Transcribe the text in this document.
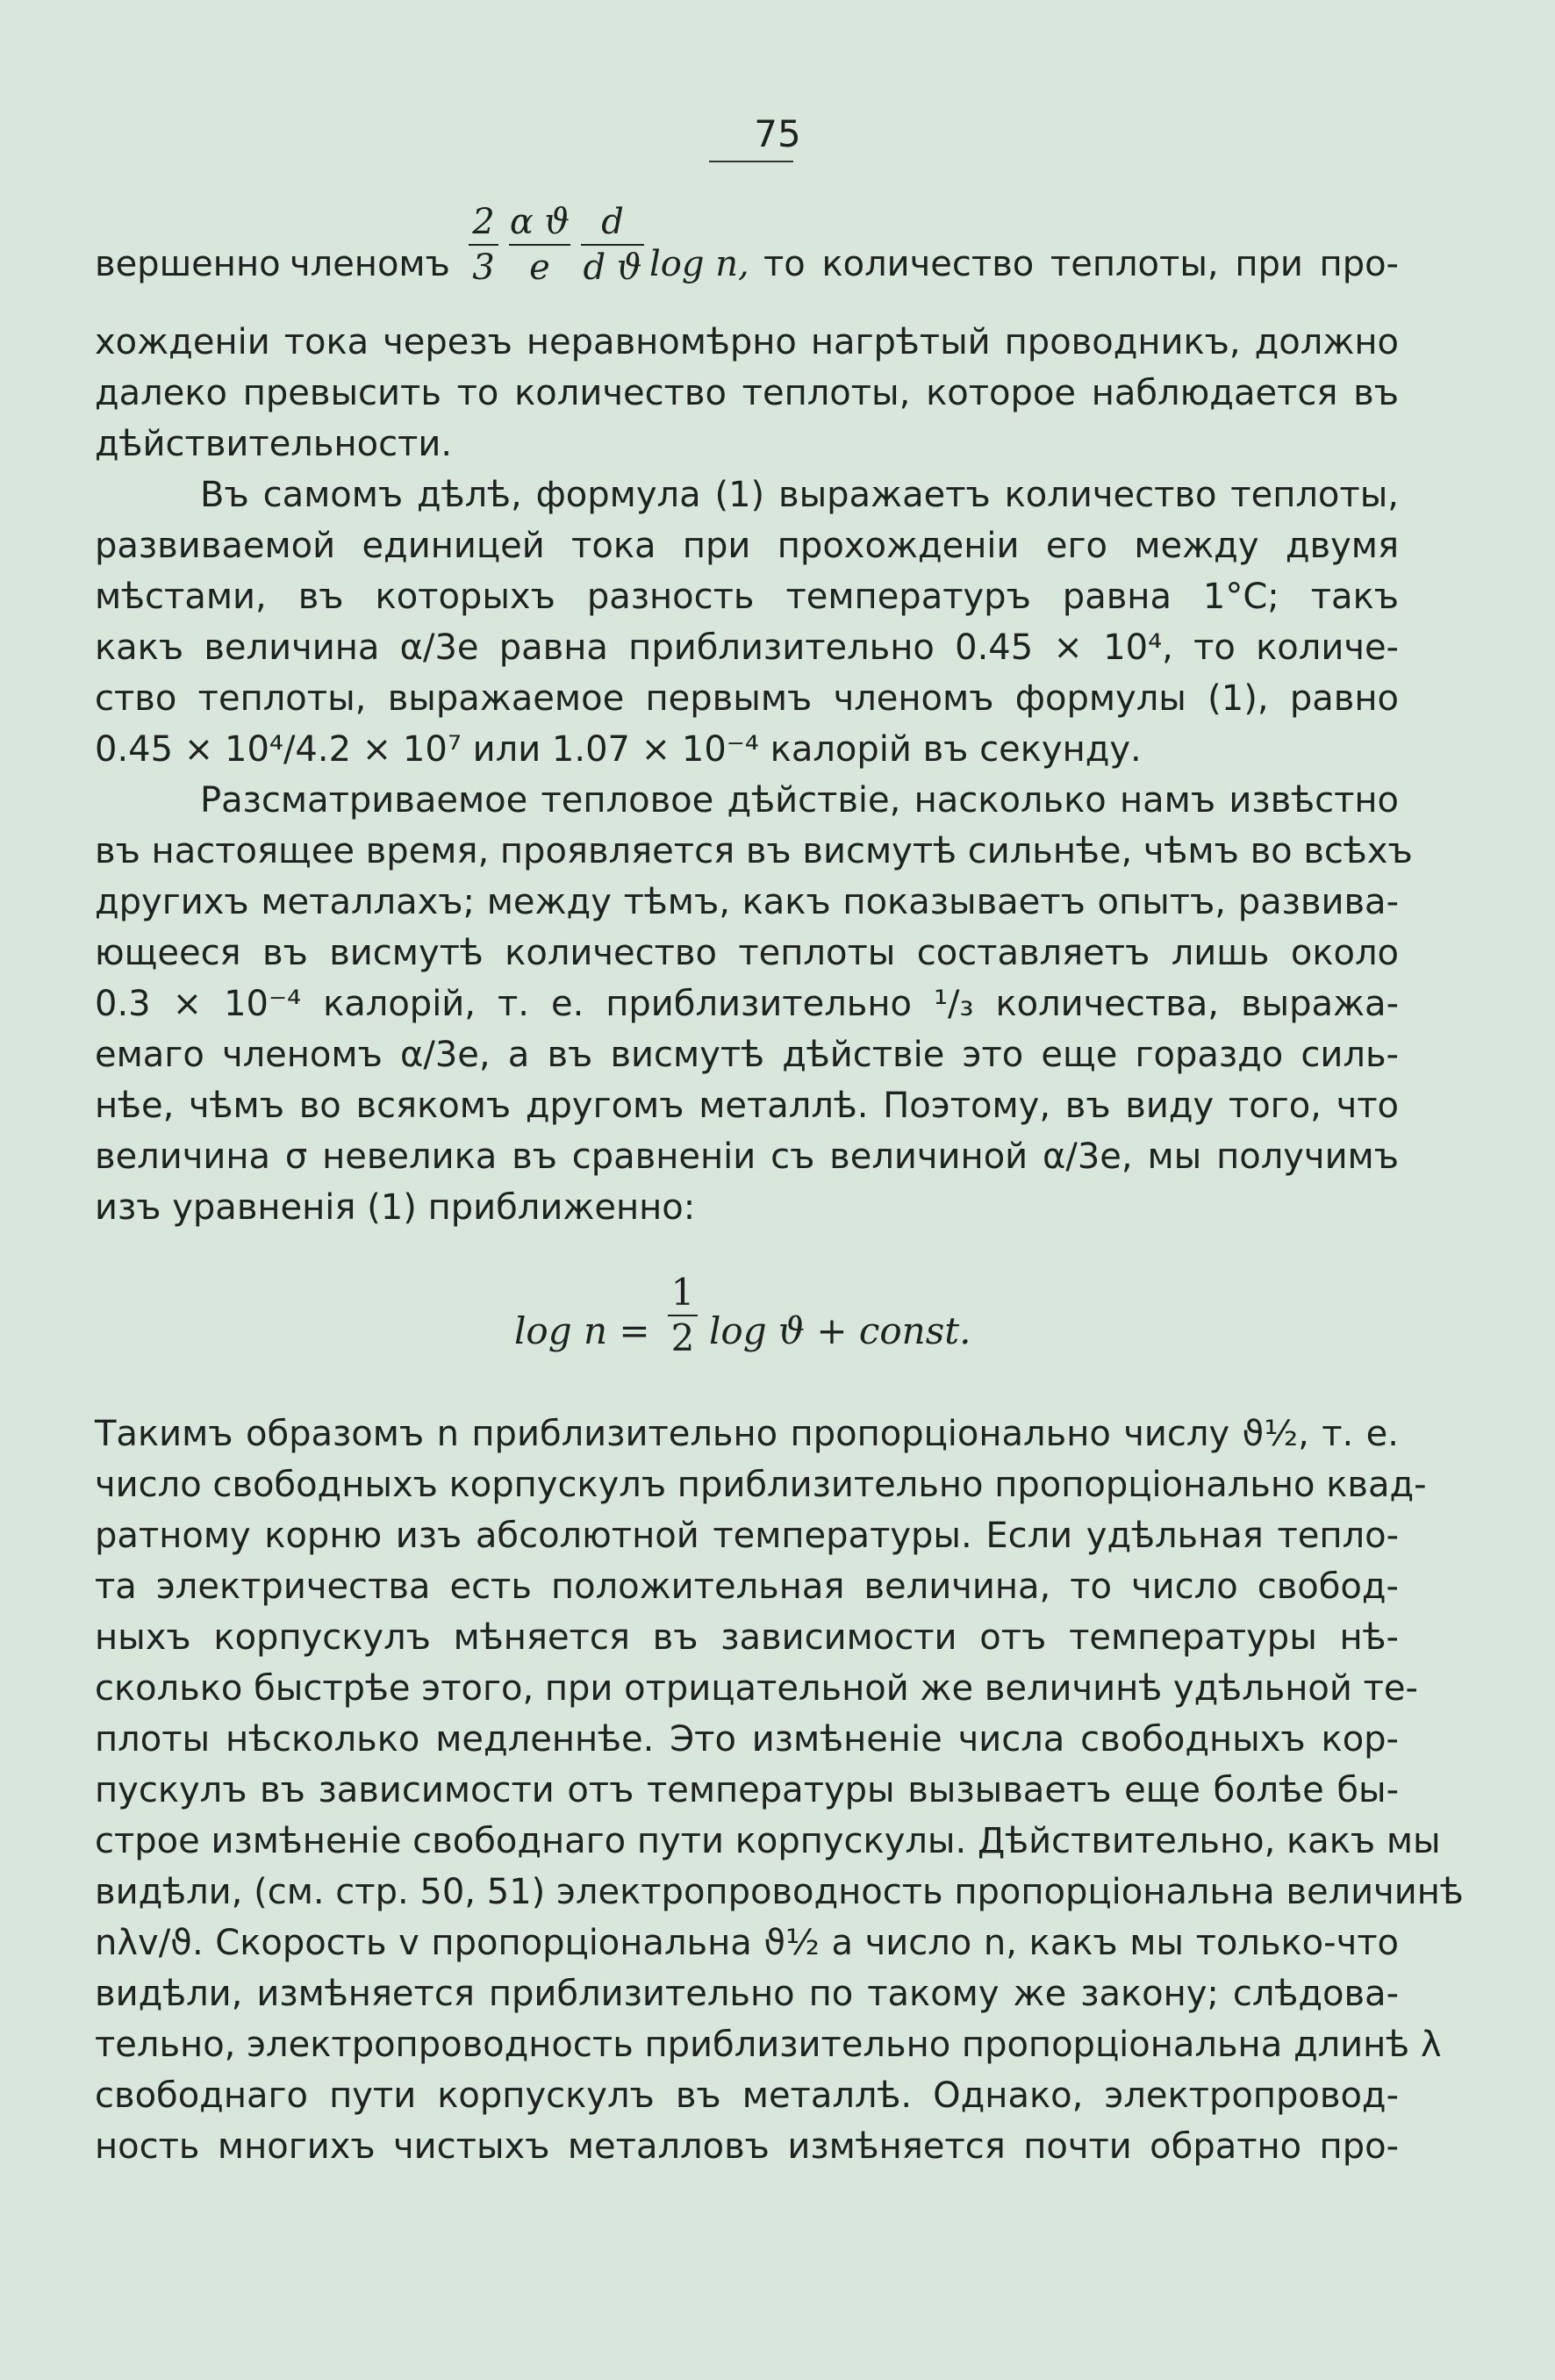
75
вершенно членомъ
2
3
α ϑ
e
d
d ϑ log n, то количество теплоты, при про-
хожденіи тока черезъ неравномѣрно нагрѣтый проводникъ, должно
далеко превысить то количество теплоты, которое наблюдается въ
дѣйствительности.
Въ самомъ дѣлѣ, формула (1) выражаетъ количество теплоты,
развиваемой единицей тока при прохожденіи его между двумя
мѣстами, въ которыхъ разность температуръ равна 1°C; такъ
какъ величина α/3e равна приблизительно 0.45 × 10⁴, то количе-
ство теплоты, выражаемое первымъ членомъ формулы (1), равно
0.45 × 10⁴/4.2 × 10⁷ или 1.07 × 10⁻⁴ калорій въ секунду.
Разсматриваемое тепловое дѣйствіе, насколько намъ извѣстно
въ настоящее время, проявляется въ висмутѣ сильнѣе, чѣмъ во всѣхъ
другихъ металлахъ; между тѣмъ, какъ показываетъ опытъ, развива-
ющееся въ висмутѣ количество теплоты составляетъ лишь около
0.3 × 10⁻⁴ калорій, т. е. приблизительно ¹/₃ количества, выража-
емаго членомъ α/3e, а въ висмутѣ дѣйствіе это еще гораздо силь-
нѣе, чѣмъ во всякомъ другомъ металлѣ. Поэтому, въ виду того, что
величина σ невелика въ сравненіи съ величиной α/3e, мы получимъ
изъ уравненія (1) приближенно:
$\log n = \frac{1}{2}$ log ϑ + const.
Такимъ образомъ n приблизительно пропорціонально числу ϑ½, т. е.
число свободныхъ корпускулъ приблизительно пропорціонально квад-
ратному корню изъ абсолютной температуры. Если удѣльная тепло-
та электричества есть положительная величина, то число свобод-
ныхъ корпускулъ мѣняется въ зависимости отъ температуры нѣ-
сколько быстрѣе этого, при отрицательной же величинѣ удѣльной те-
плоты нѣсколько медленнѣе. Это измѣненіе числа свободныхъ кор-
пускулъ въ зависимости отъ температуры вызываетъ еще болѣе бы-
строе измѣненіе свободнаго пути корпускулы. Дѣйствительно, какъ мы
видѣли, (см. стр. 50, 51) электропроводность пропорціональна величинѣ
nλv/ϑ. Скорость v пропорціональна ϑ½ а число n, какъ мы только-что
видѣли, измѣняется приблизительно по такому же закону; слѣдова-
тельно, электропроводность приблизительно пропорціональна длинѣ λ
свободнаго пути корпускулъ въ металлѣ. Однако, электропровод-
ность многихъ чистыхъ металловъ измѣняется почти обратно про-
